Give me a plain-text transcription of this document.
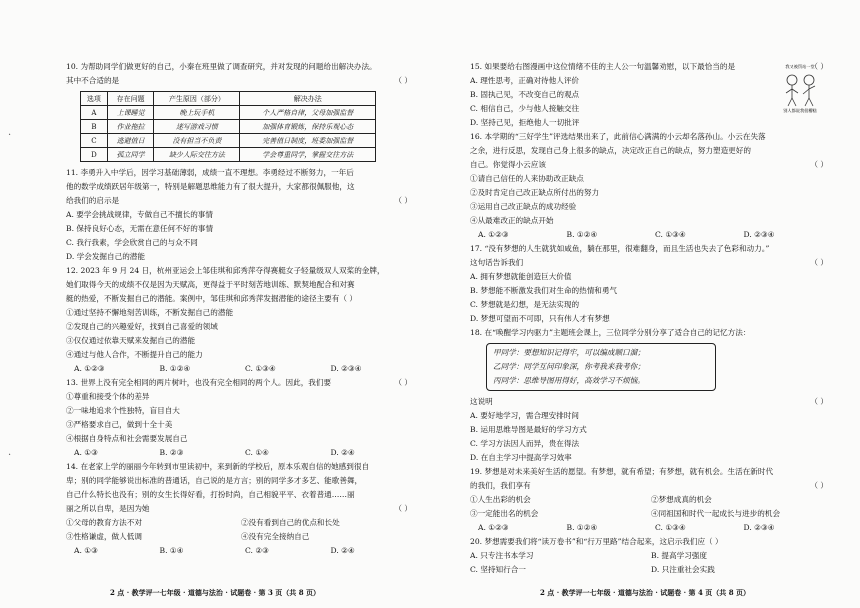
·
·
10. 为帮助同学们做更好的自己，小秦在班里做了调查研究，并对发现的问题给出解决办法。
其中不合适的是	（ ）
选项	存在问题	产生原因（部分）	解决办法
A	上课睡觉	晚上玩手机	个人严格自律，父母加强监督
B	作业拖拉	迷写游戏习惯	加强体育锻炼，保持乐观心态
C	逃避值日	没有担当不负责	完善值日制度，班委加强监督
D	孤立同学	缺少人际交往方法	学会尊重同学，掌握交往方法
11. 李勇升入中学后，因学习基础薄弱，成绩一直不理想。李勇经过不断努力，一年后
他的数学成绩跃居年级第一，特别是解题思维能力有了很大提升，大家都很佩服他，这
给我们的启示是	（ ）
A. 要学会挑战规律，专做自己不擅长的事情
B. 保持良好心态，无需在意任何不好的事情
C. 我行我素，学会欣赏自己的与众不同
D. 学会发掘自己的潜能
12. 2023 年 9 月 24 日，杭州亚运会上邹佳琪和邱秀萍夺得赛艇女子轻量级双人双桨的金牌，
她们取得今天的成绩不仅是因为天赋高，更得益于平时刻苦地训练、默契地配合和对赛
艇的热爱，不断发掘自己的潜能。案例中，邹佳琪和邱秀萍发掘潜能的途径主要有（ ）
①通过坚持不懈地刻苦训练，不断发掘自己的潜能
②发现自己的兴趣爱好，找到自己喜爱的领域
③仅仅通过依靠天赋来发掘自己的潜能
④通过与他人合作，不断提升自己的能力
A. ①②③	B. ①②④	C. ①③④	D. ②③④
13. 世界上没有完全相同的两片树叶，也没有完全相同的两个人。因此，我们要	（ ）
①尊重和接受个体的差异
②一味地追求个性独特，盲目自大
③严格要求自己，做到十全十美
④根据自身特点和社会需要发展自己
A. ①③	B. ②③	C. ①④	D. ②④
14. 在老家上学的丽丽今年转到市里读初中，来到新的学校后，原本乐观自信的她感到很自
卑；别的同学能够说出标准的普通话，自己说的是方言；别的同学多才多艺、能歌善舞，
自己什么特长也没有；别的女生长得好看，打扮时尚，自己相貌平平、衣着普通……丽
丽之所以自卑，是因为她	（ ）
①父母的教育方法不对	②没有看到自己的优点和长处
③性格谦虚，做人低调	④没有完全接纳自己
A. ①③	B. ①④	C. ②③	D. ②④
2 点 · 教学评一七年级 · 道德与法治 · 试题卷 · 第 3 页（共 8 页）
15. 如果要给右图漫画中这位情绪不佳的主人公一句温馨劝慰，以下最恰当的是	（ ）
A. 理性思考，正确对待他人评价
B. 固执己见，不改变自己的观点
C. 相信自己，少与他人接触交往
D. 坚持己见，拒绝他人一切批评
我又被罚站一堂
别人都说我很糟糕
16. 本学期的“三好学生”评选结果出来了，此前信心满满的小云却名落孙山。小云在失落
之余，进行反思，发现自己身上很多的缺点，决定改正自己的缺点，努力塑造更好的
自己。你觉得小云应该	（ ）
①请自己信任的人来协助改正缺点
②及时肯定自己改正缺点所付出的努力
③运用自己改正缺点的成功经验
④从最难改正的缺点开始
A. ①②③	B. ①②④	C. ①③④	D. ②③④
17. “没有梦想的人生就犹如咸鱼，躺在那里，很难翻身，而且生活也失去了色彩和动力。”
这句话告诉我们	（ ）
A. 拥有梦想就能创造巨大价值
B. 梦想能不断激发我们对生命的热情和勇气
C. 梦想就是幻想，是无法实现的
D. 梦想可望而不可即，只有伟人才有梦想
18. 在“唤醒学习内驱力”主题班会课上，三位同学分别分享了适合自己的记忆方法：
甲同学：要想知识记得牢，可以编成顺口溜；
乙同学：同学互问印象深，你考我来我考你；
丙同学：思维导图用得好，高效学习不烦恼。
这说明	（ ）
A. 要好地学习，需合理安排时间
B. 运用思维导图是最好的学习方式
C. 学习方法因人而异，贵在得法
D. 在自主学习中提高学习效率
19. 梦想是对未来美好生活的愿望。有梦想，就有希望；有梦想，就有机会。生活在新时代
的我们，我们享有	（ ）
①人生出彩的机会	②梦想成真的机会
③一定能出名的机会	④同祖国和时代一起成长与进步的机会
A. ①②③	B. ①②④	C. ①③④	D. ②③④
20. 梦想需要我们将“读万卷书”和“行万里路”结合起来，这启示我们应（ ）
A. 只专注书本学习	B. 提高学习强度
C. 坚持知行合一	D. 只注重社会实践
2 点 · 教学评一七年级 · 道德与法治 · 试题卷 · 第 4 页（共 8 页）
